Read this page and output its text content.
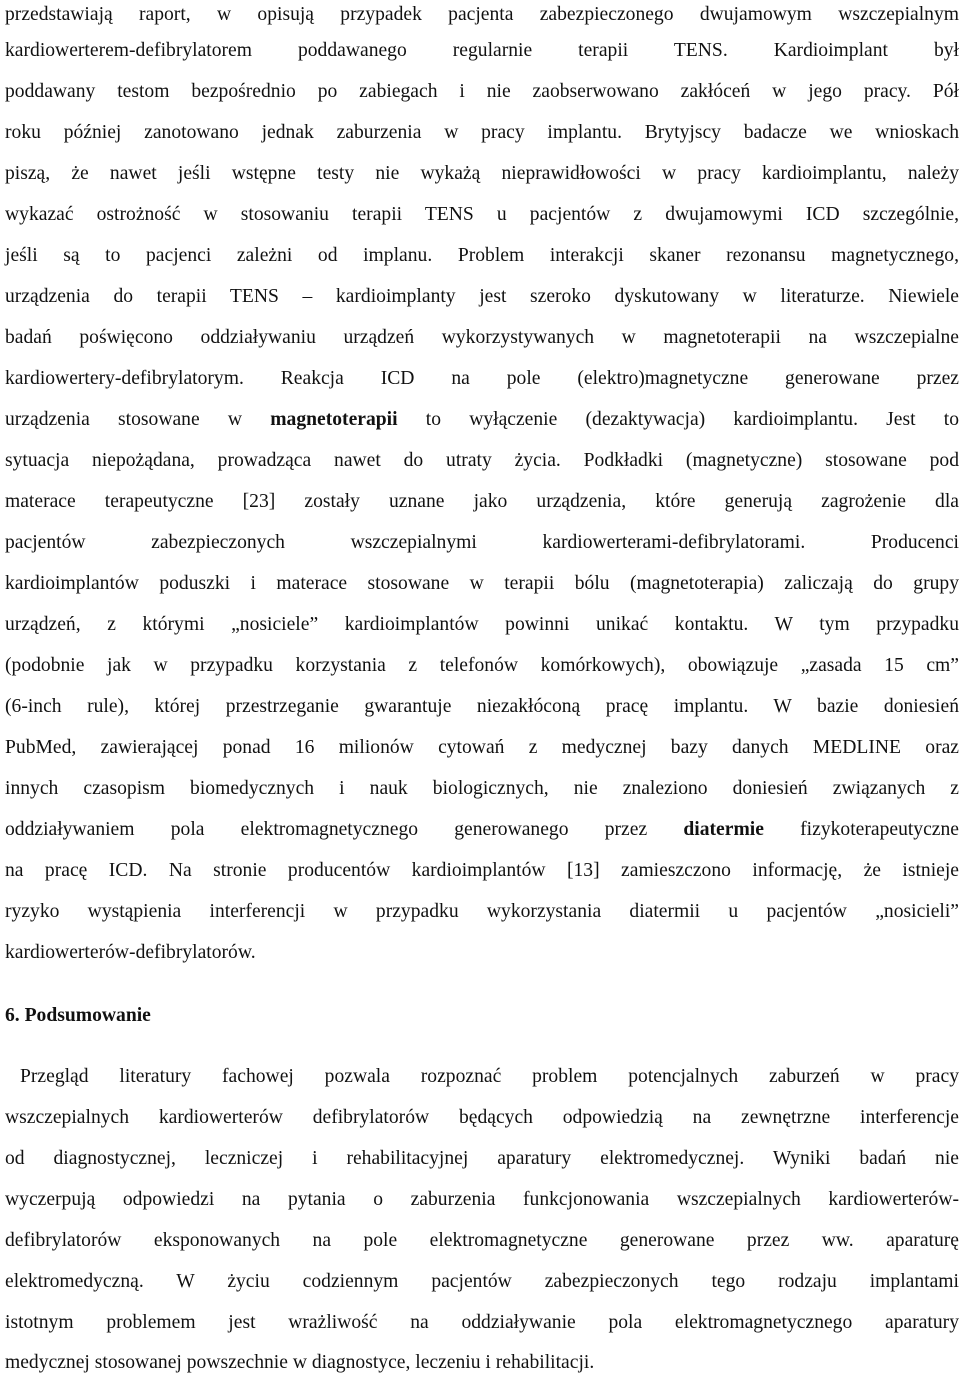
przedstawiają raport, w opisują przypadek pacjenta zabezpieczonego dwujamowym wszczepialnym
kardiowerterem-defibrylatorem poddawanego regularnie terapii TENS. Kardioimplant był
poddawany testom bezpośrednio po zabiegach i nie zaobserwowano zakłóceń w jego pracy. Pół
roku później zanotowano jednak zaburzenia w pracy implantu. Brytyjscy badacze we wnioskach
piszą, że nawet jeśli wstępne testy nie wykażą nieprawidłowości w pracy kardioimplantu, należy
wykazać ostrożność w stosowaniu terapii TENS u pacjentów z dwujamowymi ICD szczególnie,
jeśli są to pacjenci zależni od implanu. Problem interakcji skaner rezonansu magnetycznego,
urządzenia do terapii TENS – kardioimplanty jest szeroko dyskutowany w literaturze. Niewiele
badań poświęcono oddziaływaniu urządzeń wykorzystywanych w magnetoterapii na wszczepialne
kardiowertery-defibrylatorym. Reakcja ICD na pole (elektro)magnetyczne generowane przez
urządzenia stosowane w magnetoterapii to wyłączenie (dezaktywacja) kardioimplantu. Jest to
sytuacja niepożądana, prowadząca nawet do utraty życia. Podkładki (magnetyczne) stosowane pod
materace terapeutyczne [23] zostały uznane jako urządzenia, które generują zagrożenie dla
pacjentów zabezpieczonych wszczepialnymi kardiowerterami-defibrylatorami. Producenci
kardioimplantów poduszki i materace stosowane w terapii bólu (magnetoterapia) zaliczają do grupy
urządzeń, z którymi „nosiciele” kardioimplantów powinni unikać kontaktu. W tym przypadku
(podobnie jak w przypadku korzystania z telefonów komórkowych), obowiązuje „zasada 15 cm”
(6-inch rule), której przestrzeganie gwarantuje niezakłóconą pracę implantu. W bazie doniesień
PubMed, zawierającej ponad 16 milionów cytowań z medycznej bazy danych MEDLINE oraz
innych czasopism biomedycznych i nauk biologicznych, nie znaleziono doniesień związanych z
oddziaływaniem pola elektromagnetycznego generowanego przez diatermie fizykoterapeutyczne
na pracę ICD. Na stronie producentów kardioimplantów [13] zamieszczono informację, że istnieje
ryzyko wystąpienia interferencji w przypadku wykorzystania diatermii u pacjentów „nosicieli”
kardiowerterów-defibrylatorów.
6. Podsumowanie
Przegląd literatury fachowej pozwala rozpoznać problem potencjalnych zaburzeń w pracy
wszczepialnych kardiowerterów defibrylatorów będących odpowiedzią na zewnętrzne interferencje
od diagnostycznej, leczniczej i rehabilitacyjnej aparatury elektromedycznej. Wyniki badań nie
wyczerpują odpowiedzi na pytania o zaburzenia funkcjonowania wszczepialnych kardiowerterów-
defibrylatorów eksponowanych na pole elektromagnetyczne generowane przez ww. aparaturę
elektromedyczną. W życiu codziennym pacjentów zabezpieczonych tego rodzaju implantami
istotnym problemem jest wrażliwość na oddziaływanie pola elektromagnetycznego aparatury
medycznej stosowanej powszechnie w diagnostyce, leczeniu i rehabilitacji.
